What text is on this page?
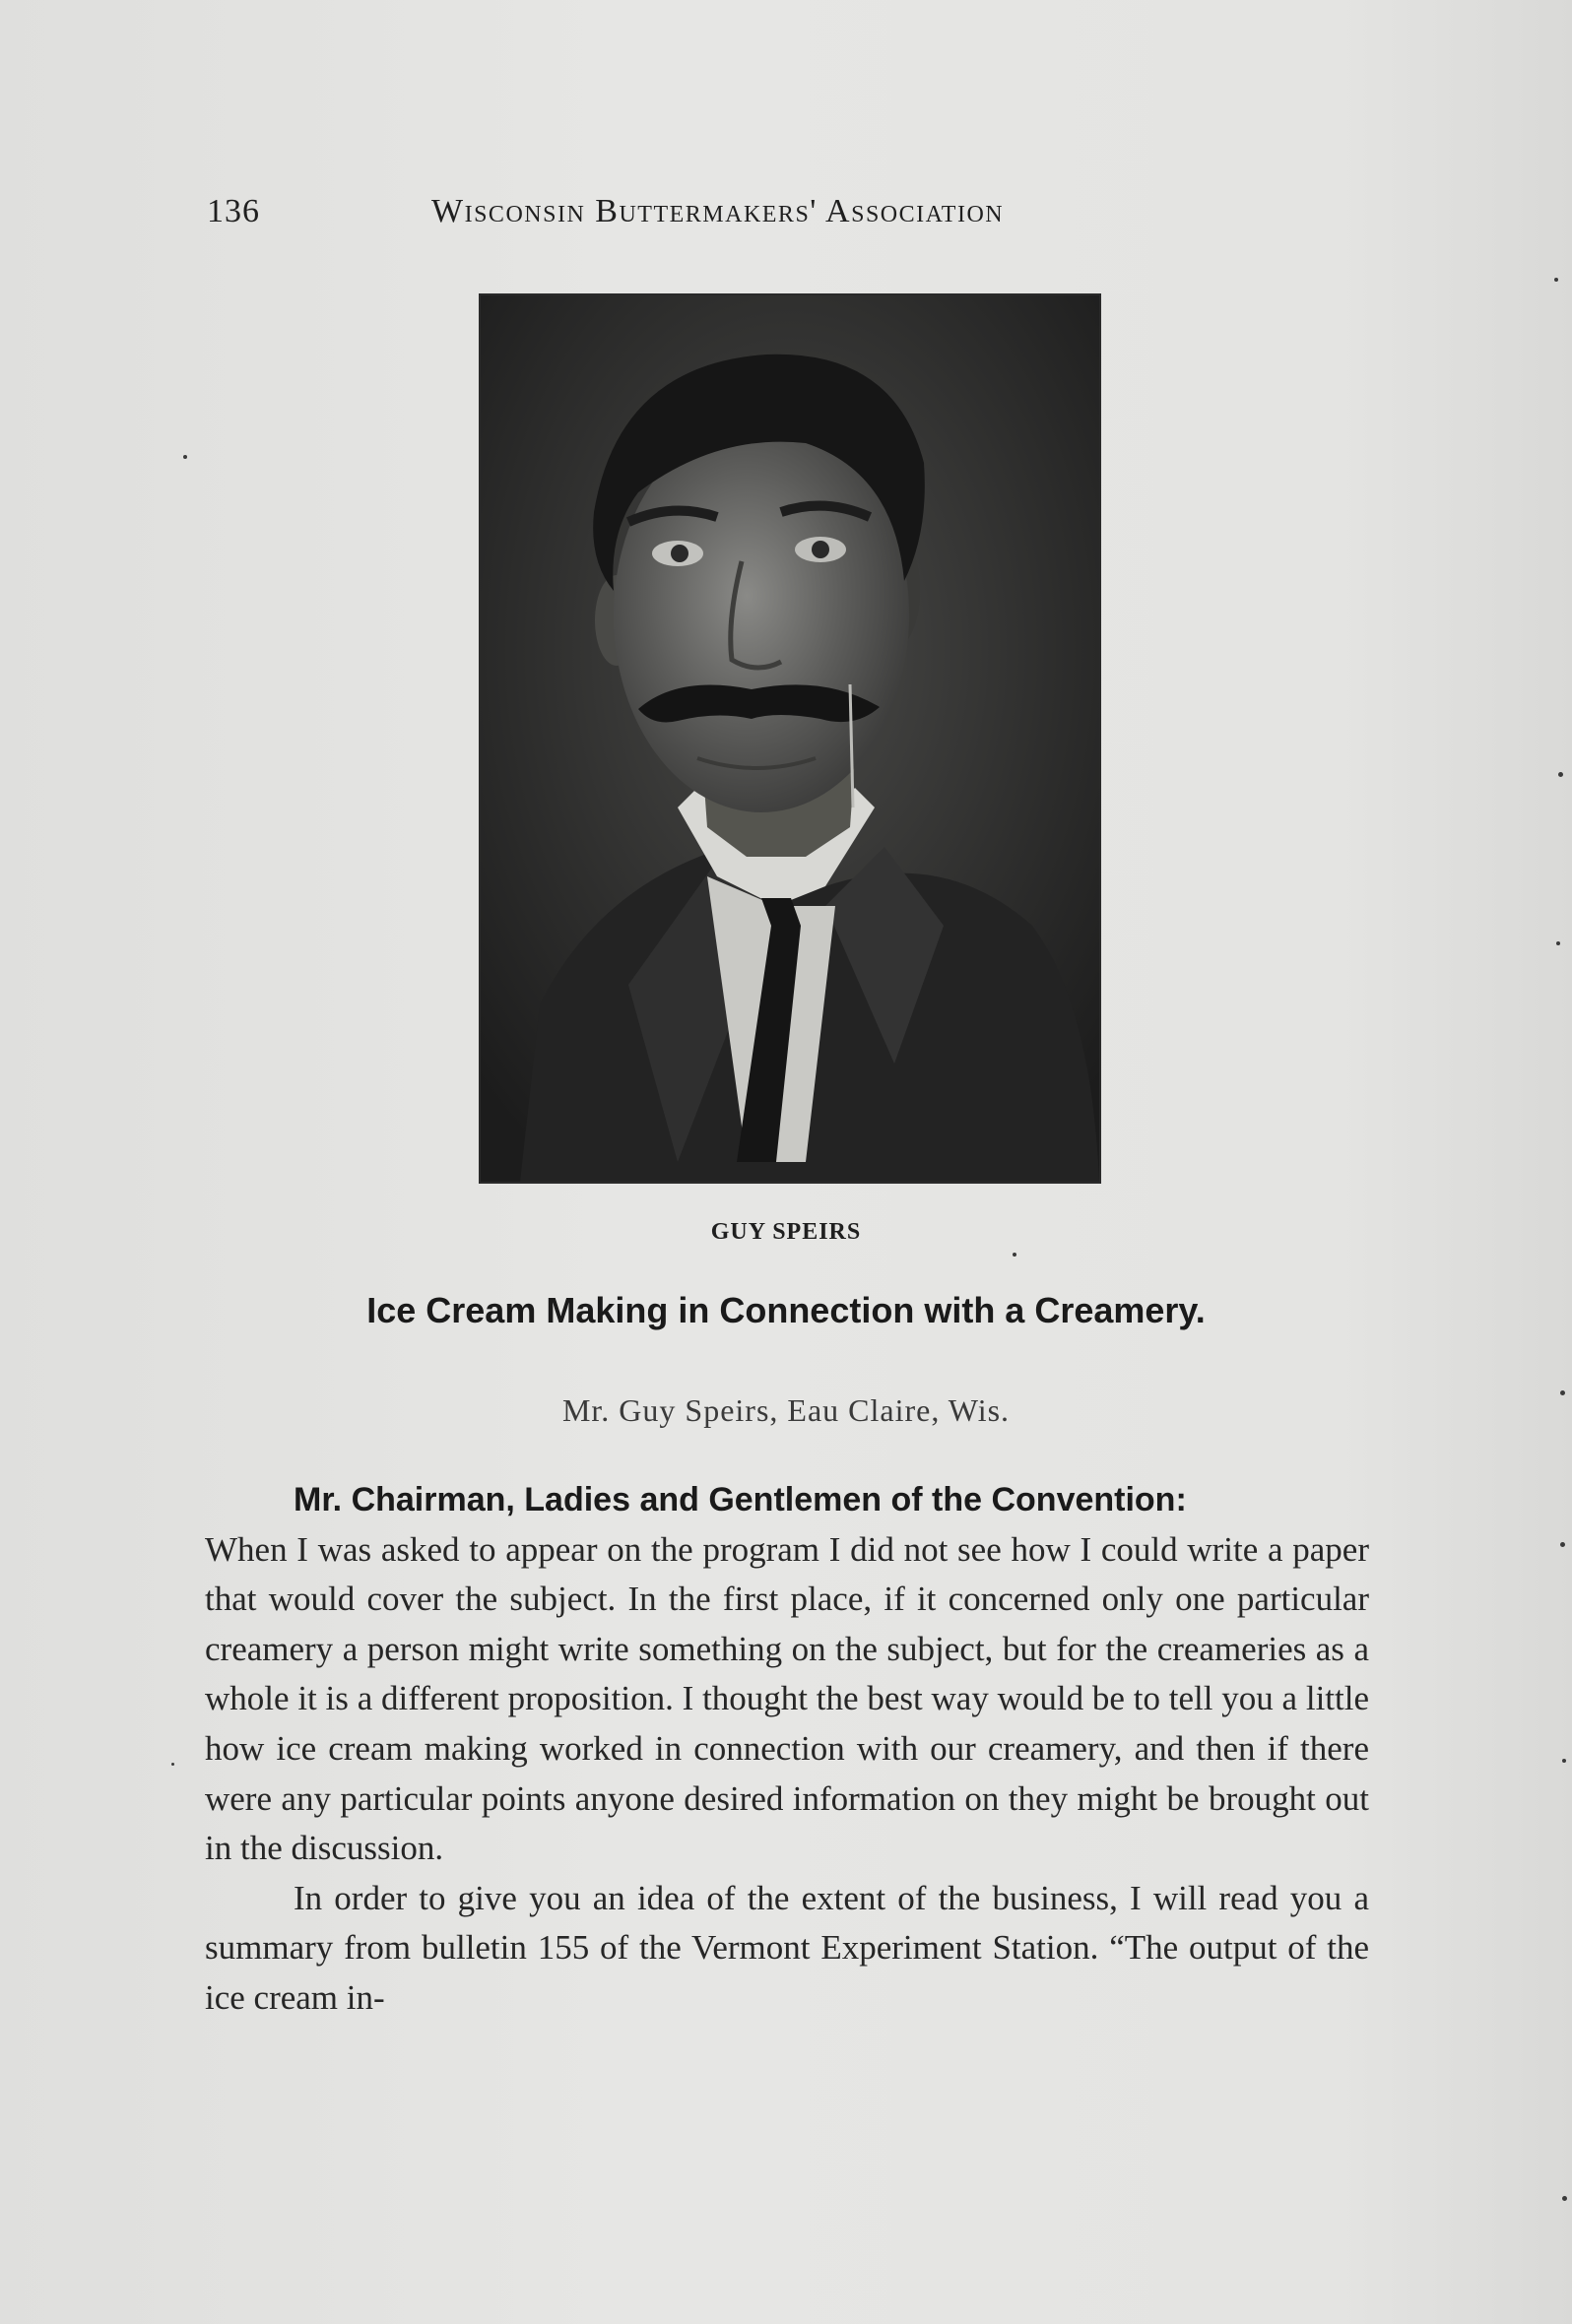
136	Wisconsin Buttermakers' Association
GUY SPEIRS
Ice Cream Making in Connection with a Creamery.
Mr. Guy Speirs, Eau Claire, Wis.

Mr. Chairman, Ladies and Gentlemen of the Convention:
When I was asked to appear on the program I did not see how I could write a paper that would cover the subject. In the first place, if it concerned only one particular creamery a person might write something on the subject, but for the creameries as a whole it is a different proposition. I thought the best way would be to tell you a little how ice cream making worked in connection with our creamery, and then if there were any particular points anyone desired information on they might be brought out in the discussion.

In order to give you an idea of the extent of the business, I will read you a summary from bulletin 155 of the Vermont Experiment Station. “The output of the ice cream in-
